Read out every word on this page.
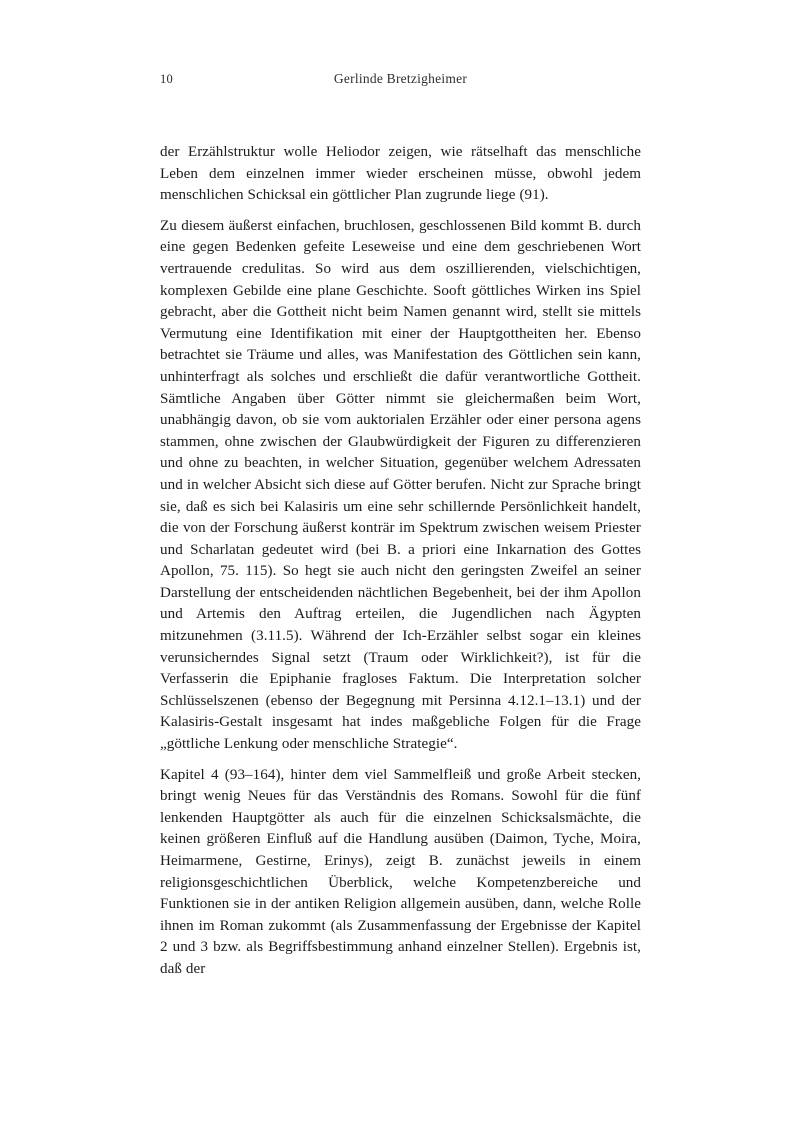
10	Gerlinde Bretzigheimer

der Erzählstruktur wolle Heliodor zeigen, wie rätselhaft das menschliche Leben dem einzelnen immer wieder erscheinen müsse, obwohl jedem menschlichen Schicksal ein göttlicher Plan zugrunde liege (91).

Zu diesem äußerst einfachen, bruchlosen, geschlossenen Bild kommt B. durch eine gegen Bedenken gefeite Leseweise und eine dem geschriebenen Wort vertrauende credulitas. So wird aus dem oszillierenden, vielschichtigen, komplexen Gebilde eine plane Geschichte. Sooft göttliches Wirken ins Spiel gebracht, aber die Gottheit nicht beim Namen genannt wird, stellt sie mittels Vermutung eine Identifikation mit einer der Hauptgottheiten her. Ebenso betrachtet sie Träume und alles, was Manifestation des Göttlichen sein kann, unhinterfragt als solches und erschließt die dafür verantwortliche Gottheit. Sämtliche Angaben über Götter nimmt sie gleichermaßen beim Wort, unabhängig davon, ob sie vom auktorialen Erzähler oder einer persona agens stammen, ohne zwischen der Glaubwürdigkeit der Figuren zu differenzieren und ohne zu beachten, in welcher Situation, gegenüber welchem Adressaten und in welcher Absicht sich diese auf Götter berufen. Nicht zur Sprache bringt sie, daß es sich bei Kalasiris um eine sehr schillernde Persönlichkeit handelt, die von der Forschung äußerst konträr im Spektrum zwischen weisem Priester und Scharlatan gedeutet wird (bei B. a priori eine Inkarnation des Gottes Apollon, 75. 115). So hegt sie auch nicht den geringsten Zweifel an seiner Darstellung der entscheidenden nächtlichen Begebenheit, bei der ihm Apollon und Artemis den Auftrag erteilen, die Jugendlichen nach Ägypten mitzunehmen (3.11.5). Während der Ich-Erzähler selbst sogar ein kleines verunsicherndes Signal setzt (Traum oder Wirklichkeit?), ist für die Verfasserin die Epiphanie fragloses Faktum. Die Interpretation solcher Schlüsselszenen (ebenso der Begegnung mit Persinna 4.12.1–13.1) und der Kalasiris-Gestalt insgesamt hat indes maßgebliche Folgen für die Frage „göttliche Lenkung oder menschliche Strategie“.

Kapitel 4 (93–164), hinter dem viel Sammelfleiß und große Arbeit stecken, bringt wenig Neues für das Verständnis des Romans. Sowohl für die fünf lenkenden Hauptgötter als auch für die einzelnen Schicksalsmächte, die keinen größeren Einfluß auf die Handlung ausüben (Daimon, Tyche, Moira, Heimarmene, Gestirne, Erinys), zeigt B. zunächst jeweils in einem religionsgeschichtlichen Überblick, welche Kompetenzbereiche und Funktionen sie in der antiken Religion allgemein ausüben, dann, welche Rolle ihnen im Roman zukommt (als Zusammenfassung der Ergebnisse der Kapitel 2 und 3 bzw. als Begriffsbestimmung anhand einzelner Stellen). Ergebnis ist, daß der
